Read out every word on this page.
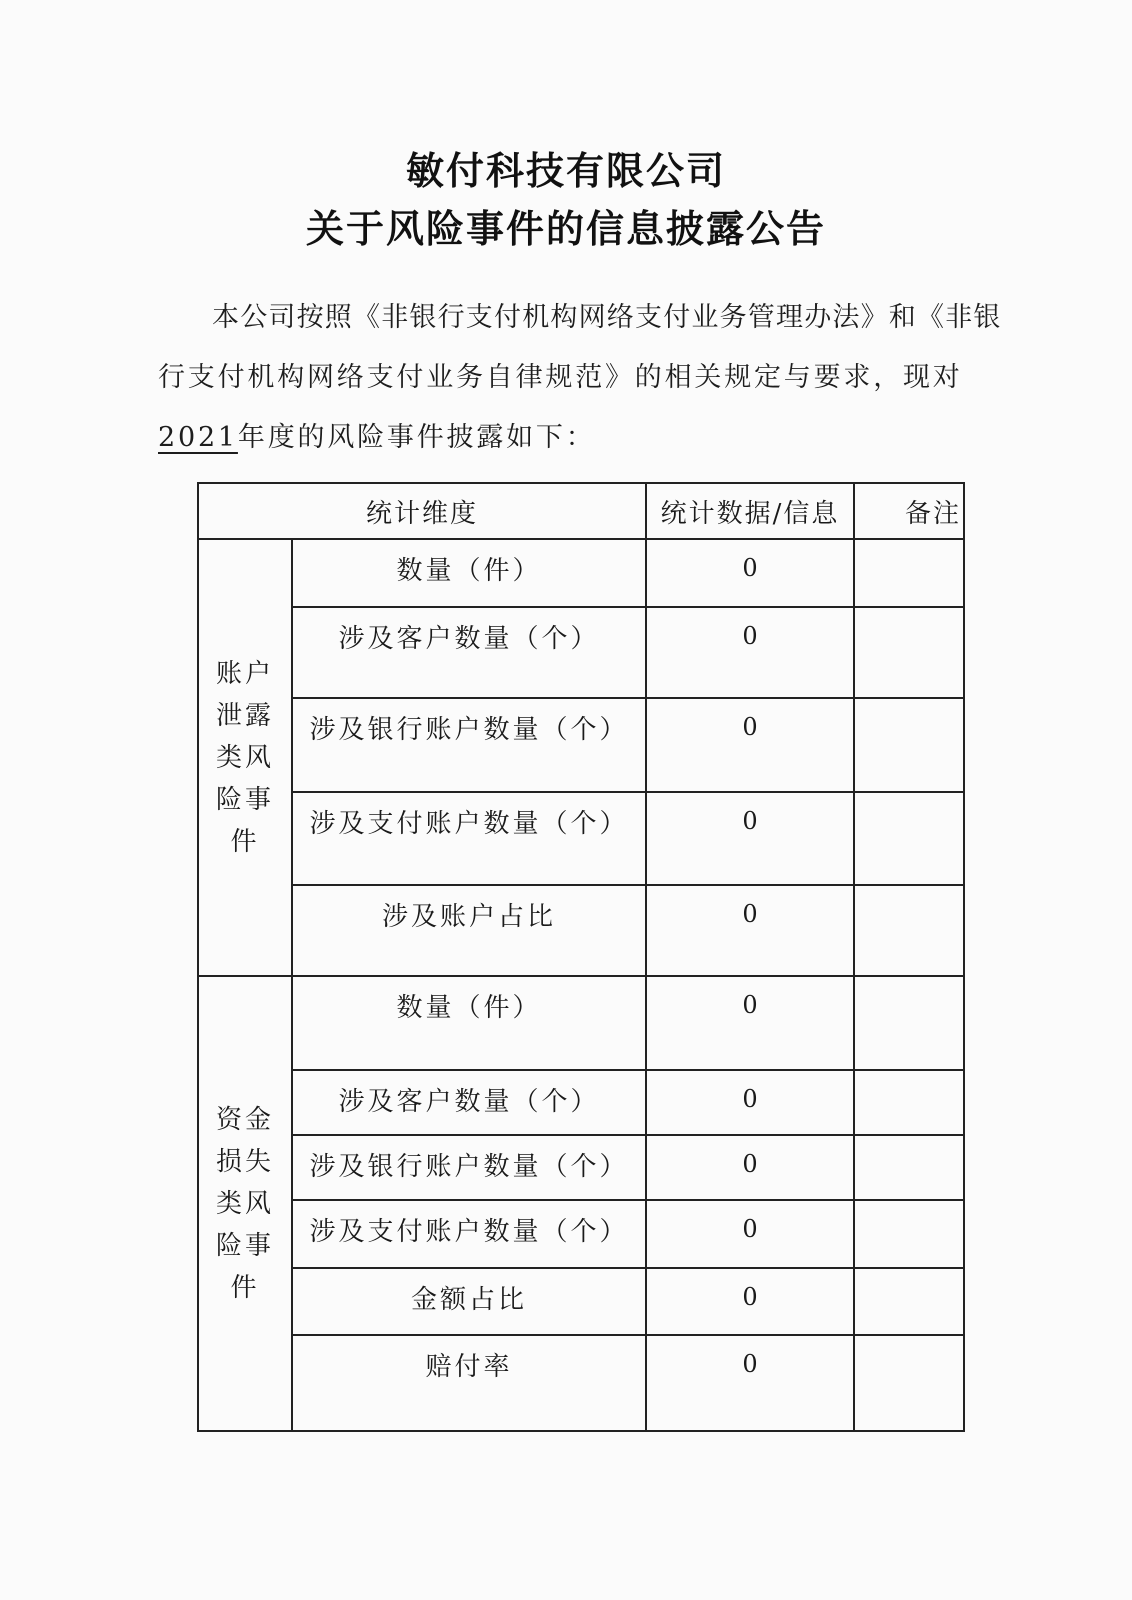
敏付科技有限公司
关于风险事件的信息披露公告
本公司按照《非银行支付机构网络支付业务管理办法》和《非银
行支付机构网络支付业务自律规范》的相关规定与要求，现对
2021年度的风险事件披露如下：
统计维度		统计数据/信息	备注

账户
泄露
类风
险事
件	数量（件）	0	
	涉及客户数量（个）	0	
	涉及银行账户数量（个）	0	
	涉及支付账户数量（个）	0	
	涉及账户占比	0	

资金
损失
类风
险事
件	数量（件）	0	
	涉及客户数量（个）	0	
	涉及银行账户数量（个）	0	
	涉及支付账户数量（个）	0	
	金额占比	0	
	赔付率	0	
